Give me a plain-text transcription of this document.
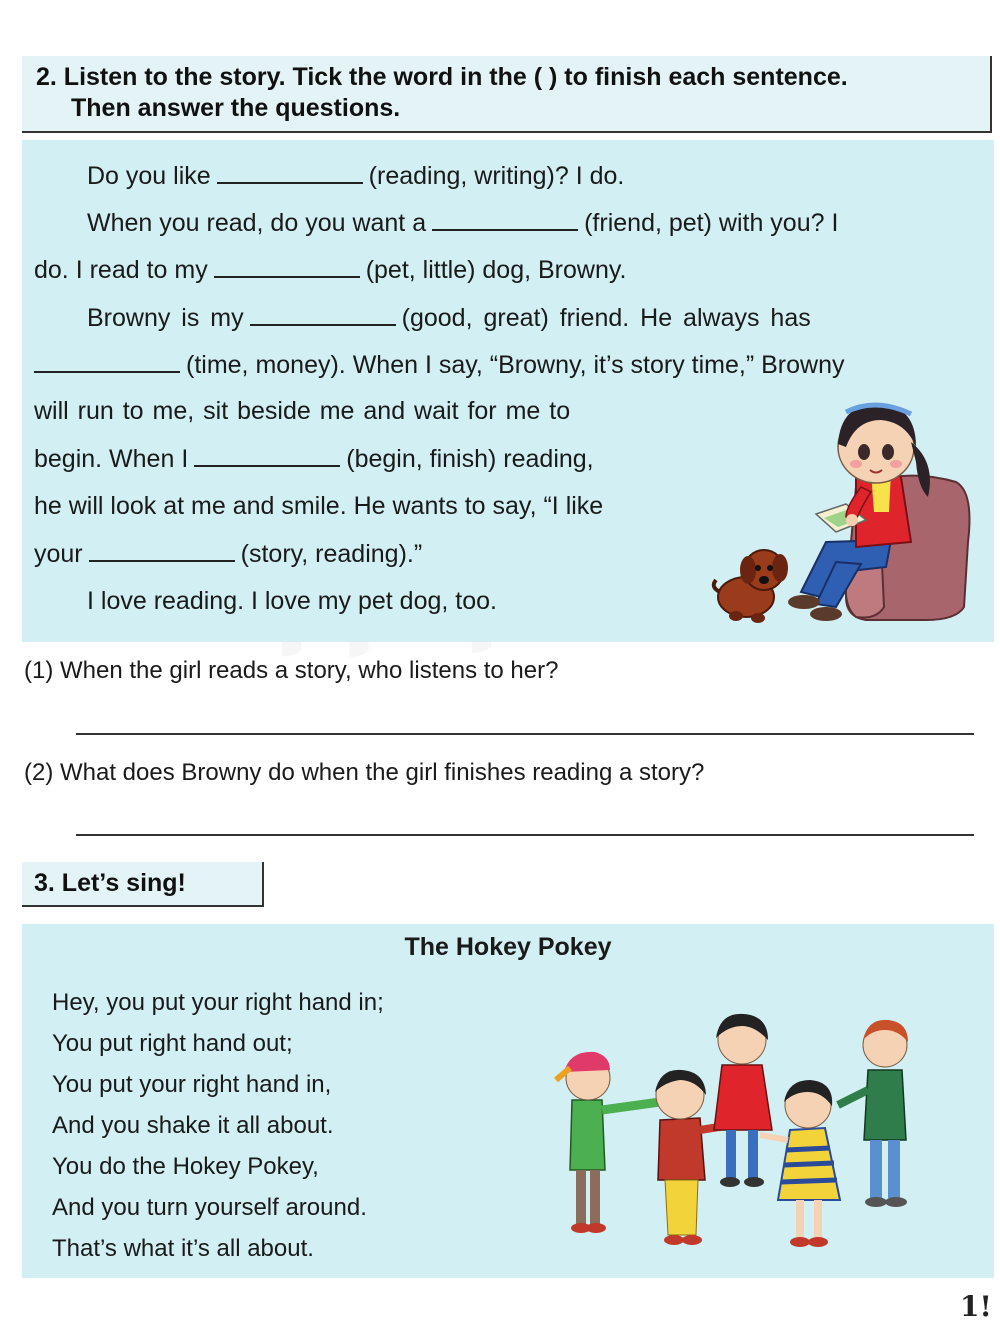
2. Listen to the story. Tick the word in the ( ) to finish each sentence.
Then answer the questions.
Do you like	(reading, writing)? I do.
When you read, do you want a	(friend, pet) with you? I
do. I read to my	(pet, little) dog, Browny.
Browny is my	(good, great) friend. He always has
(time, money). When I say, “Browny, it’s story time,” Browny
will run to me, sit beside me and wait for me to
begin. When I	(begin, finish) reading,
he will look at me and smile. He wants to say, “I like
your	(story, reading).”
I love reading. I love my pet dog, too.
(1) When the girl reads a story, who listens to her?
(2) What does Browny do when the girl finishes reading a story?
3. Let’s sing!
The Hokey Pokey
Hey, you put your right hand in;
You put right hand out;
You put your right hand in,
And you shake it all about.
You do the Hokey Pokey,
And you turn yourself around.
That’s what it’s all about.
1!
